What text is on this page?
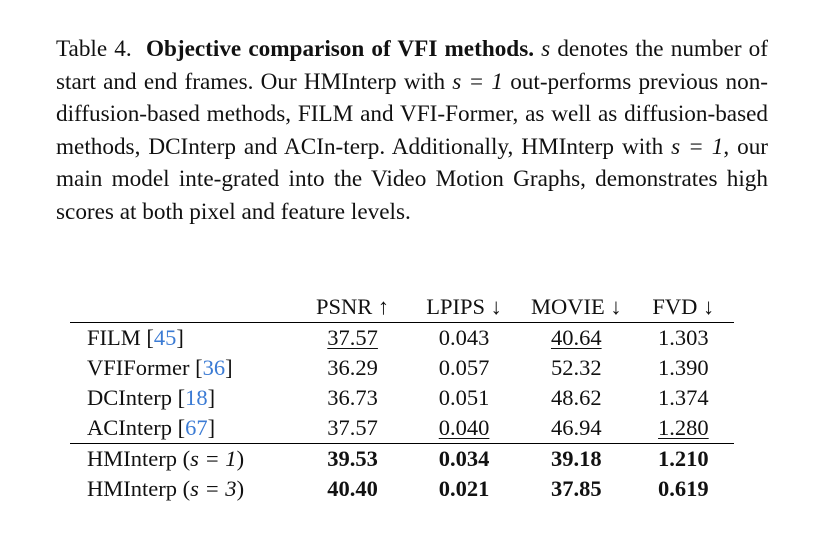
Table 4. Objective comparison of VFI methods. s denotes the number of start and end frames. Our HMInterp with s = 1 out-performs previous non-diffusion-based methods, FILM and VFI-Former, as well as diffusion-based methods, DCInterp and ACIn-terp. Additionally, HMInterp with s = 1, our main model inte-grated into the Video Motion Graphs, demonstrates high scores at both pixel and feature levels.
	PSNR ↑	LPIPS ↓	MOVIE ↓	FVD ↓
FILM [45]	37.57	0.043	40.64	1.303
VFIFormer [36]	36.29	0.057	52.32	1.390
DCInterp [18]	36.73	0.051	48.62	1.374
ACInterp [67]	37.57	0.040	46.94	1.280
HMInterp (s = 1)	39.53	0.034	39.18	1.210
HMInterp (s = 3)	40.40	0.021	37.85	0.619
